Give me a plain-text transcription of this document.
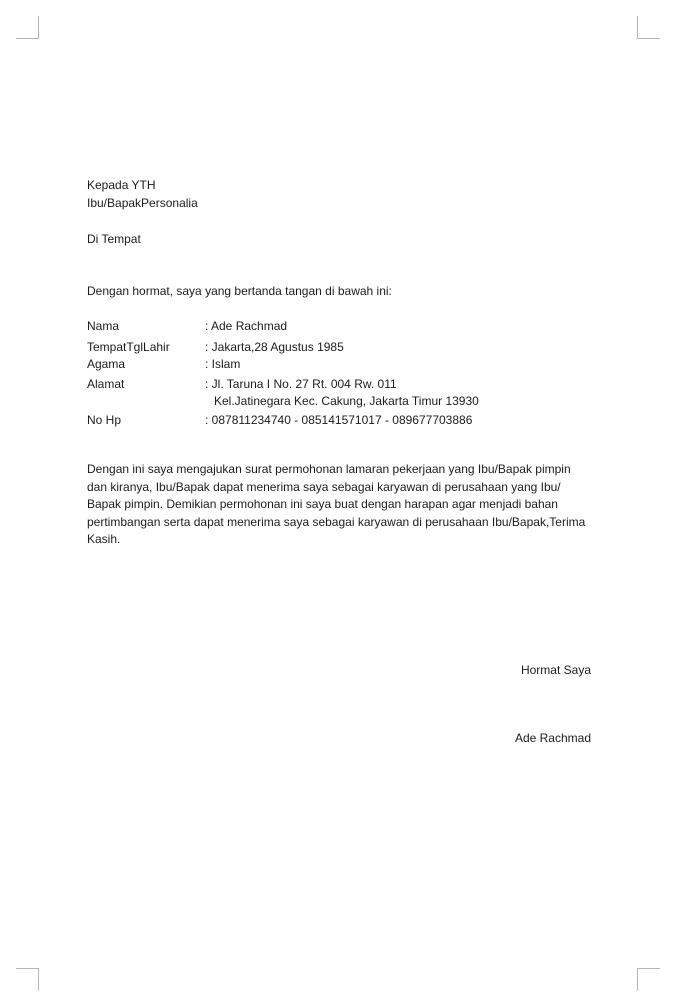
Kepada YTH
Ibu/BapakPersonalia
Di Tempat
Dengan hormat, saya yang bertanda tangan di bawah ini:
Nama	: Ade Rachmad
TempatTglLahir	: Jakarta,28 Agustus 1985
Agama	: Islam
Alamat	: Jl. Taruna I No. 27 Rt. 004 Rw. 011
Kel.Jatinegara Kec. Cakung, Jakarta Timur 13930
No Hp	: 087811234740 - 085141571017 - 089677703886
Dengan ini saya mengajukan surat permohonan lamaran pekerjaan yang Ibu/Bapak pimpin dan kiranya, Ibu/Bapak dapat menerima saya sebagai karyawan di perusahaan yang Ibu/ Bapak pimpin. Demikian permohonan ini saya buat dengan harapan agar menjadi bahan pertimbangan serta dapat menerima saya sebagai karyawan di perusahaan Ibu/Bapak,Terima Kasih.
Hormat Saya
Ade Rachmad
